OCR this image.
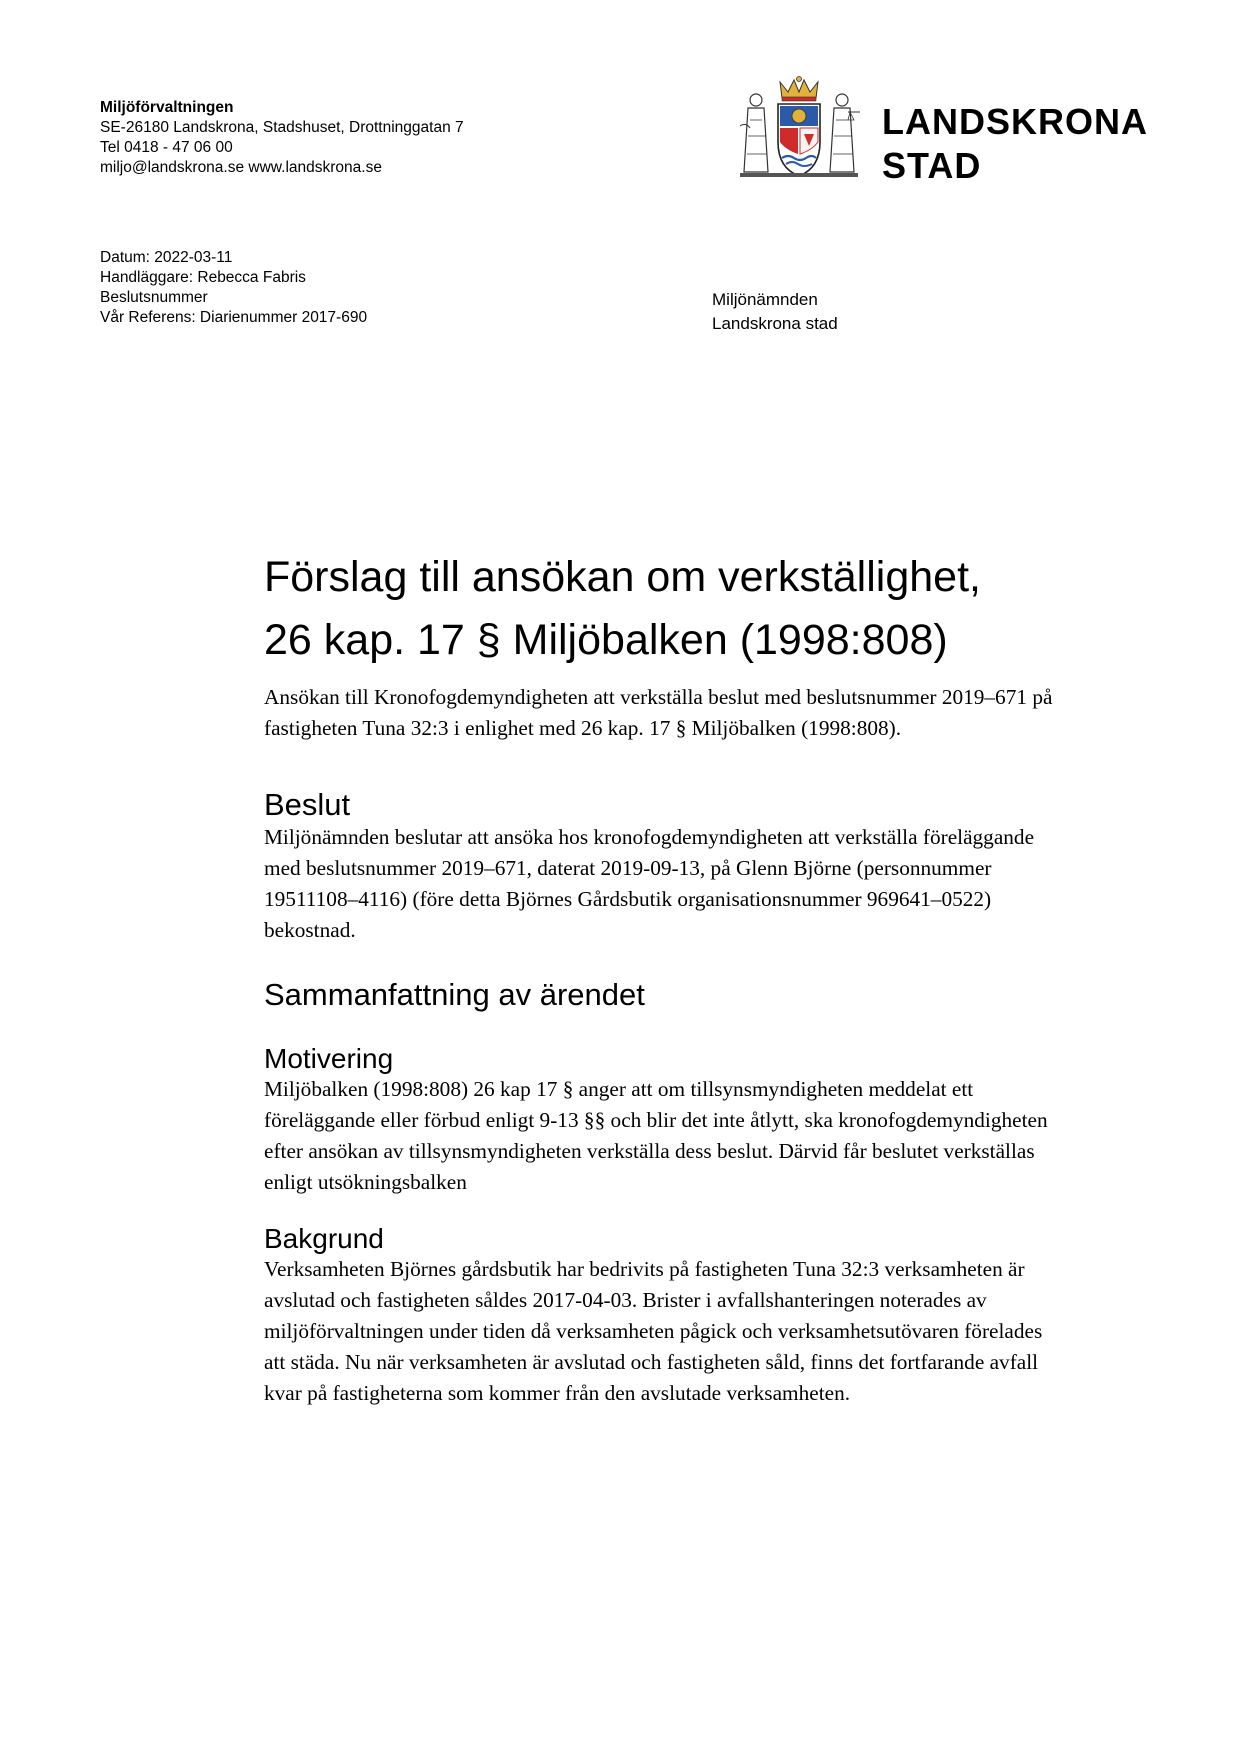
Miljöförvaltningen
SE-26180 Landskrona, Stadshuset, Drottninggatan 7
Tel 0418 - 47 06 00
miljo@landskrona.se www.landskrona.se
LANDSKRONA
STAD
Datum: 2022-03-11
Handläggare: Rebecca Fabris
Beslutsnummer
Vår Referens: Diarienummer 2017-690
Miljönämnden
Landskrona stad
Förslag till ansökan om verkställighet,
26 kap. 17 § Miljöbalken (1998:808)

Ansökan till Kronofogdemyndigheten att verkställa beslut med beslutsnummer 2019–671 på fastigheten Tuna 32:3 i enlighet med 26 kap. 17 § Miljöbalken (1998:808).

Beslut

Miljönämnden beslutar att ansöka hos kronofogdemyndigheten att verkställa föreläggande med beslutsnummer 2019–671, daterat 2019-09-13, på Glenn Björne (personnummer 19511108–4116) (före detta Björnes Gårdsbutik organisationsnummer 969641–0522) bekostnad.

Sammanfattning av ärendet
Motivering

Miljöbalken (1998:808) 26 kap 17 § anger att om tillsynsmyndigheten meddelat ett föreläggande eller förbud enligt 9-13 §§ och blir det inte åtlytt, ska kronofogdemyndigheten efter ansökan av tillsynsmyndigheten verkställa dess beslut. Därvid får beslutet verkställas enligt utsökningsbalken

Bakgrund

Verksamheten Björnes gårdsbutik har bedrivits på fastigheten Tuna 32:3 verksamheten är avslutad och fastigheten såldes 2017-04-03. Brister i avfallshanteringen noterades av miljöförvaltningen under tiden då verksamheten pågick och verksamhetsutövaren förelades att städa. Nu när verksamheten är avslutad och fastigheten såld, finns det fortfarande avfall kvar på fastigheterna som kommer från den avslutade verksamheten.
